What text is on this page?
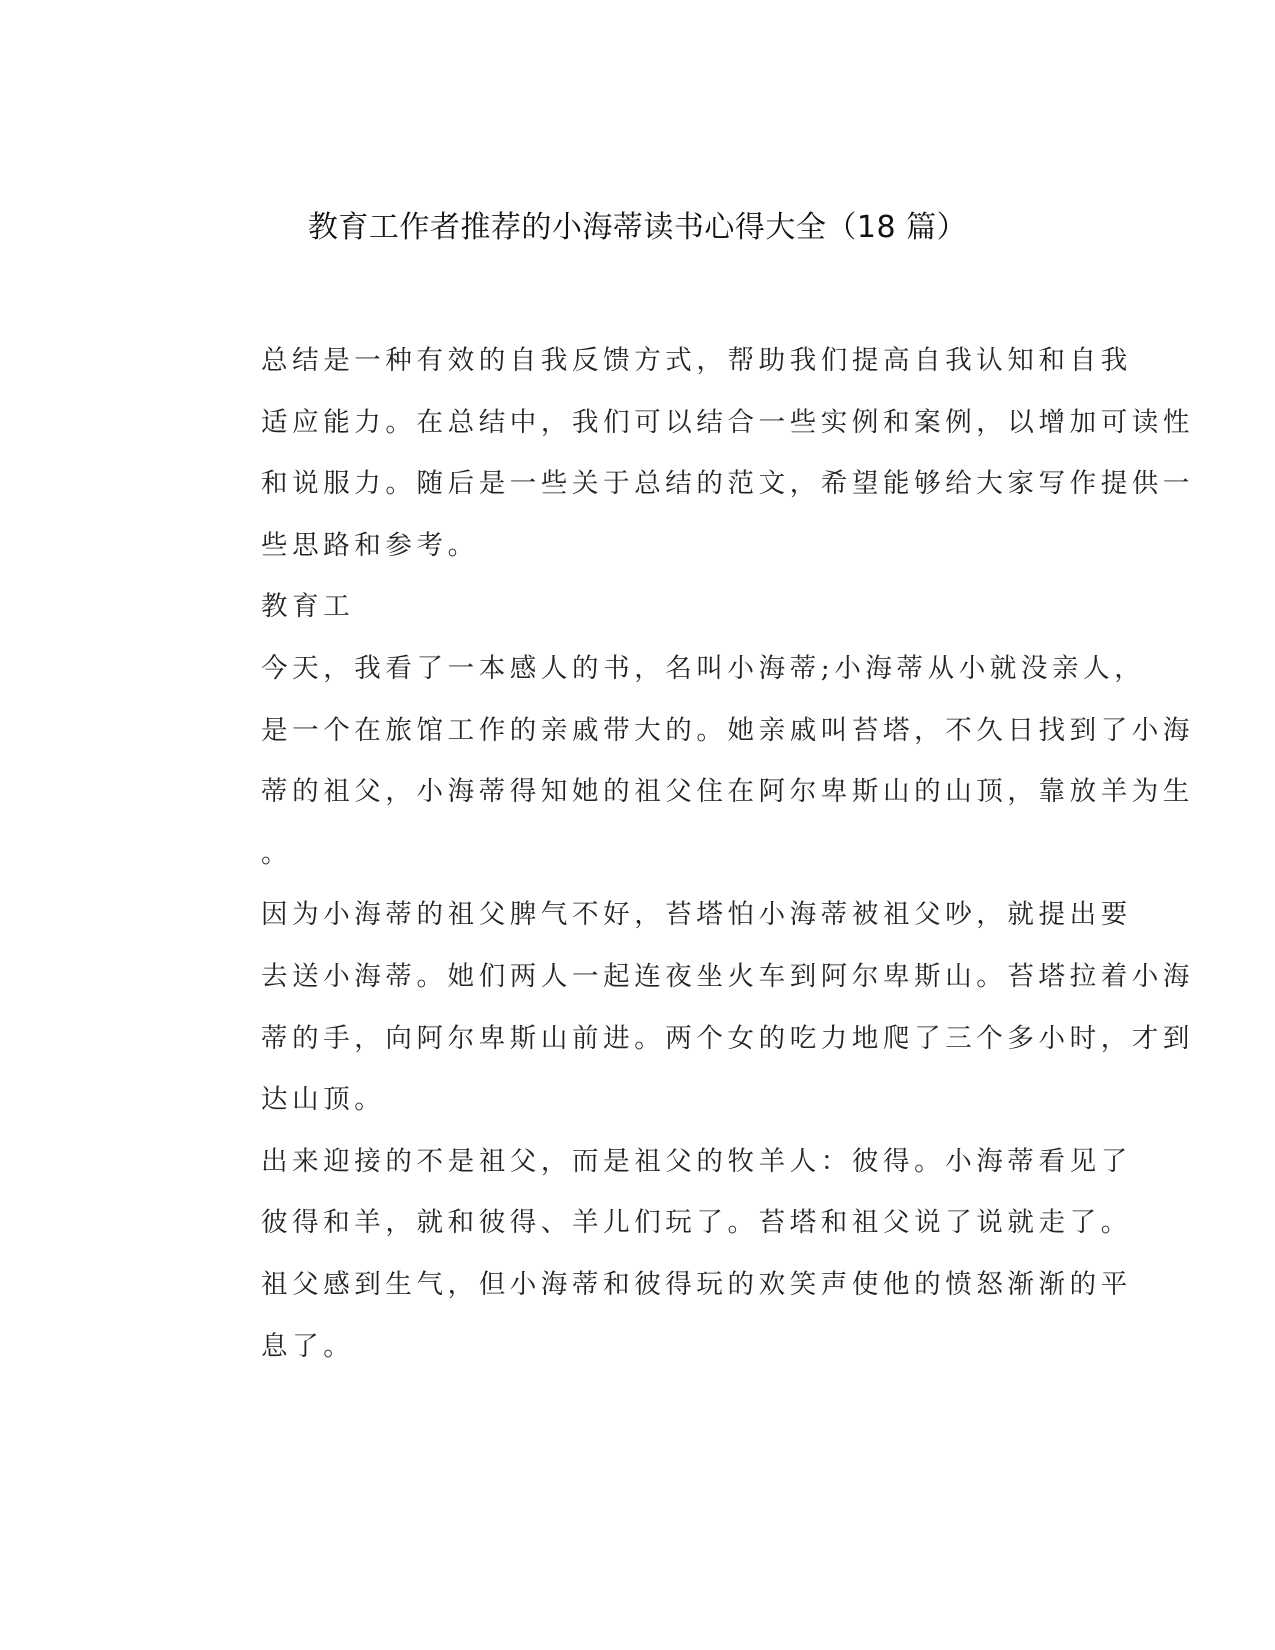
教育工作者推荐的小海蒂读书心得大全（18 篇）

总结是一种有效的自我反馈方式，帮助我们提高自我认知和自我
适应能力。在总结中，我们可以结合一些实例和案例，以增加可读性
和说服力。随后是一些关于总结的范文，希望能够给大家写作提供一
些思路和参考。

教育工

今天，我看了一本感人的书，名叫小海蒂;小海蒂从小就没亲人，
是一个在旅馆工作的亲戚带大的。她亲戚叫苔塔，不久日找到了小海
蒂的祖父，小海蒂得知她的祖父住在阿尔卑斯山的山顶，靠放羊为生
。

因为小海蒂的祖父脾气不好，苔塔怕小海蒂被祖父吵，就提出要
去送小海蒂。她们两人一起连夜坐火车到阿尔卑斯山。苔塔拉着小海
蒂的手，向阿尔卑斯山前进。两个女的吃力地爬了三个多小时，才到
达山顶。

出来迎接的不是祖父，而是祖父的牧羊人：彼得。小海蒂看见了
彼得和羊，就和彼得、羊儿们玩了。苔塔和祖父说了说就走了。

祖父感到生气，但小海蒂和彼得玩的欢笑声使他的愤怒渐渐的平
息了。
